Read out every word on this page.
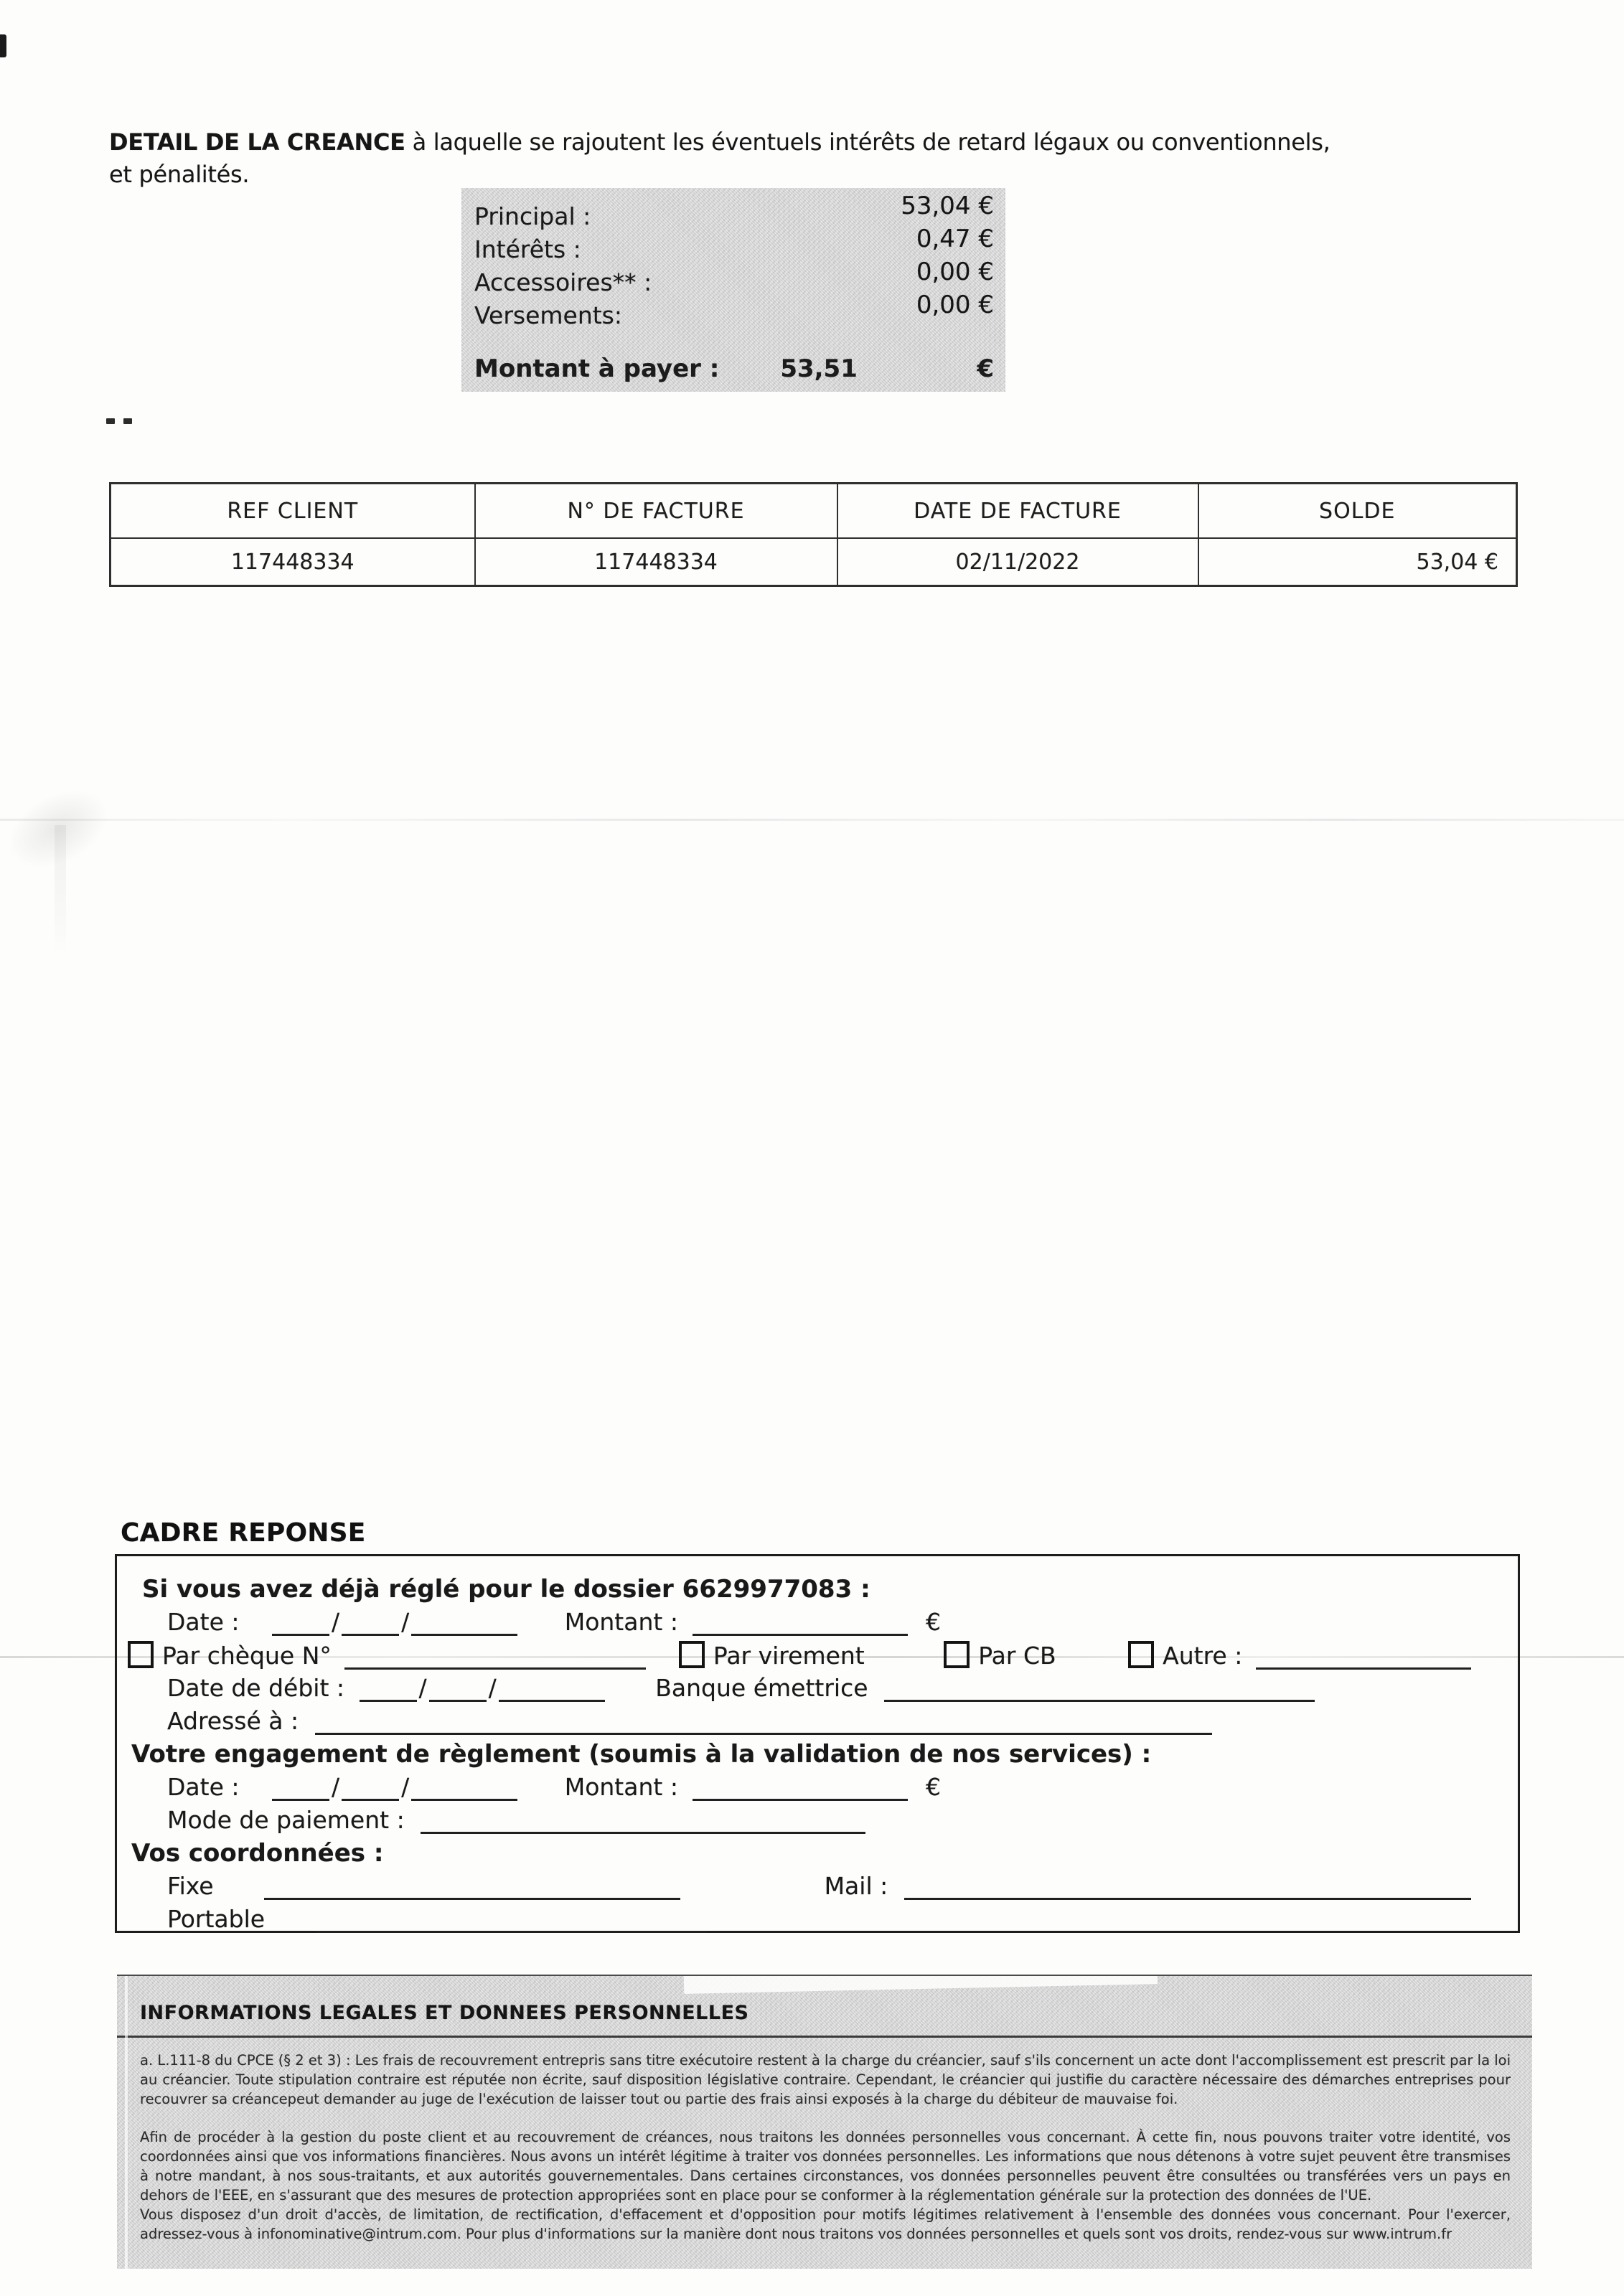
DETAIL DE LA CREANCE à laquelle se rajoutent les éventuels intérêts de retard légaux ou conventionnels,
et pénalités.
Principal :	53,04 €
Intérêts :	0,47 €
Accessoires** :	0,00 €
Versements:	0,00 €
Montant à payer :	53,51	€
REF CLIENT	N° DE FACTURE	DATE DE FACTURE	SOLDE
117448334	117448334	02/11/2022	53,04 €
CADRE REPONSE
Si vous avez déjà réglé pour le dossier 6629977083 :
Date :	/	/	Montant :	€
Par chèque N°	Par virement	Par CB	Autre :
Date de débit :	/	/	Banque émettrice
Adressé à :
Votre engagement de règlement (soumis à la validation de nos services) :
Date :	/	/	Montant :	€
Mode de paiement :
Vos coordonnées :
Fixe	Mail :
Portable
INFORMATIONS LEGALES ET DONNEES PERSONNELLES
a. L.111-8 du CPCE (§ 2 et 3) : Les frais de recouvrement entrepris sans titre exécutoire restent à la charge du créancier, sauf s'ils concernent un acte dont l'accomplissement est prescrit par la loi au créancier. Toute stipulation contraire est réputée non écrite, sauf disposition législative contraire. Cependant, le créancier qui justifie du caractère nécessaire des démarches entreprises pour recouvrer sa créancepeut demander au juge de l'exécution de laisser tout ou partie des frais ainsi exposés à la charge du débiteur de mauvaise foi.
Afin de procéder à la gestion du poste client et au recouvrement de créances, nous traitons les données personnelles vous concernant. À cette fin, nous pouvons traiter votre identité, vos coordonnées ainsi que vos informations financières. Nous avons un intérêt légitime à traiter vos données personnelles. Les informations que nous détenons à votre sujet peuvent être transmises à notre mandant, à nos sous-traitants, et aux autorités gouvernementales. Dans certaines circonstances, vos données personnelles peuvent être consultées ou transférées vers un pays en dehors de l'EEE, en s'assurant que des mesures de protection appropriées sont en place pour se conformer à la réglementation générale sur la protection des données de l'UE.
Vous disposez d'un droit d'accès, de limitation, de rectification, d'effacement et d'opposition pour motifs légitimes relativement à l'ensemble des données vous concernant. Pour l'exercer, adressez-vous à infonominative@intrum.com. Pour plus d'informations sur la manière dont nous traitons vos données personnelles et quels sont vos droits, rendez-vous sur www.intrum.fr
